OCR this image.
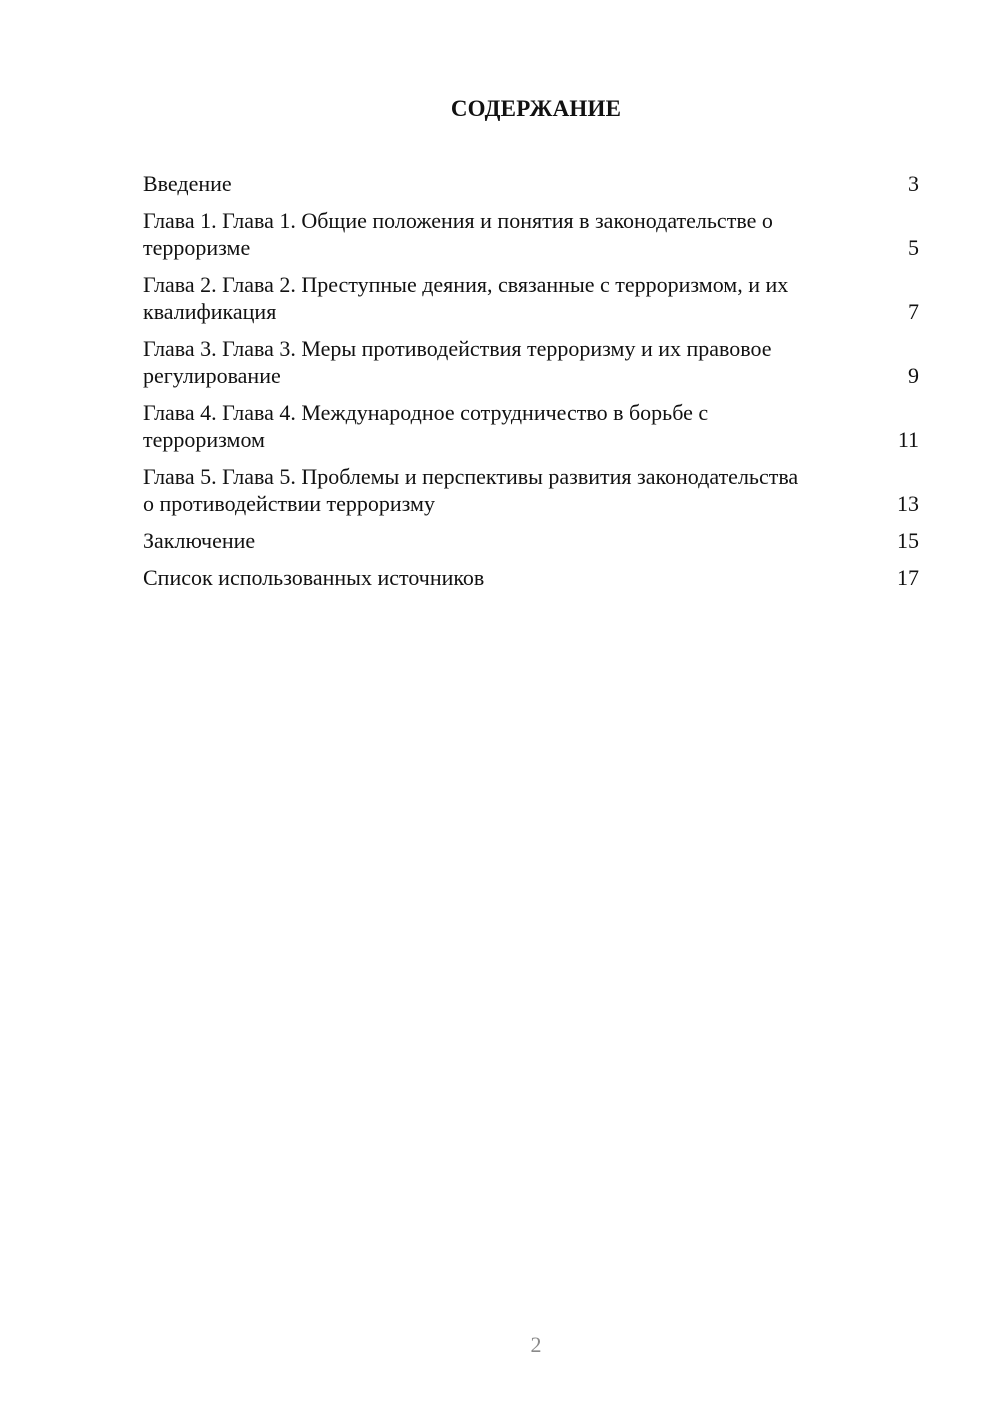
СОДЕРЖАНИЕ
Введение	3
Глава 1. Глава 1. Общие положения и понятия в законодательстве о терроризме	5
Глава 2. Глава 2. Преступные деяния, связанные с терроризмом, и их квалификация	7
Глава 3. Глава 3. Меры противодействия терроризму и их правовое регулирование	9
Глава 4. Глава 4. Международное сотрудничество в борьбе с терроризмом	11
Глава 5. Глава 5. Проблемы и перспективы развития законодательства о противодействии терроризму	13
Заключение	15
Список использованных источников	17
2
